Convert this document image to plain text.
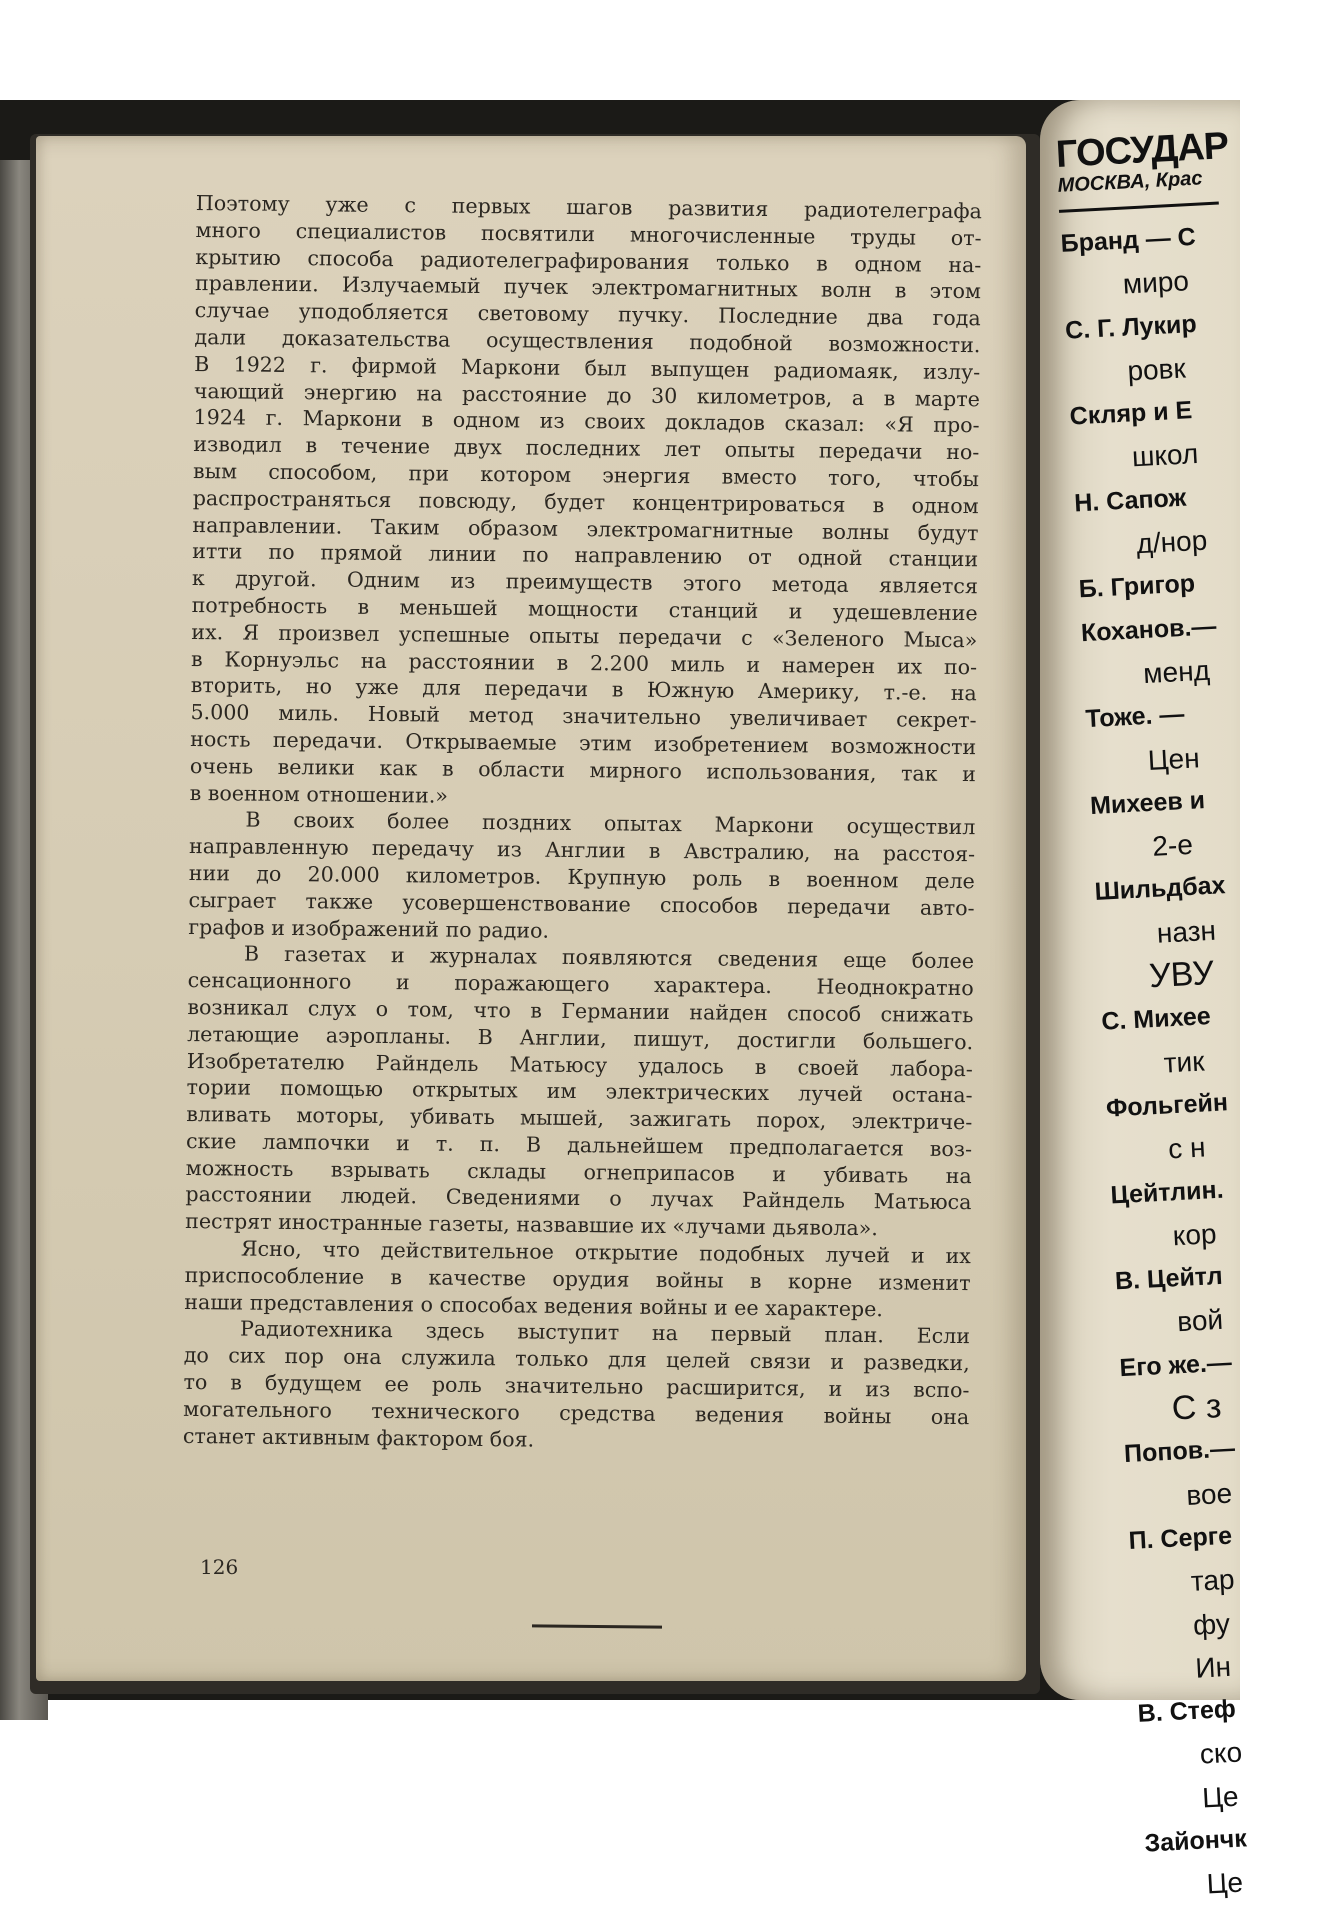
Поэтому уже с первых шагов развития радиотелеграфа
много специалистов посвятили многочисленные труды от-
крытию способа радиотелеграфирования только в одном на-
правлении. Излучаемый пучек электромагнитных волн в этом
случае уподобляется световому пучку. Последние два года
дали доказательства осуществления подобной возможности.
В 1922 г. фирмой Маркони был выпущен радиомаяк, излу-
чающий энергию на расстояние до 30 километров, а в марте
1924 г. Маркони в одном из своих докладов сказал: «Я про-
изводил в течение двух последних лет опыты передачи но-
вым способом, при котором энергия вместо того, чтобы
распространяться повсюду, будет концентрироваться в одном
направлении. Таким образом электромагнитные волны будут
итти по прямой линии по направлению от одной станции
к другой. Одним из преимуществ этого метода является
потребность в меньшей мощности станций и удешевление
их. Я произвел успешные опыты передачи с «Зеленого Мыса»
в Корнуэльс на расстоянии в 2.200 миль и намерен их по-
вторить, но уже для передачи в Южную Америку, т.-е. на
5.000 миль. Новый метод значительно увеличивает секрет-
ность передачи. Открываемые этим изобретением возможности
очень велики как в области мирного использования, так и
в военном отношении.»
В своих более поздних опытах Маркони осуществил
направленную передачу из Англии в Австралию, на расстоя-
нии до 20.000 километров. Крупную роль в военном деле
сыграет также усовершенствование способов передачи авто-
графов и изображений по радио.
В газетах и журналах появляются сведения еще более
сенсационного и поражающего характера. Неоднократно
возникал слух о том, что в Германии найден способ снижать
летающие аэропланы. В Англии, пишут, достигли большего.
Изобретателю Райндель Матьюсу удалось в своей лабора-
тории помощью открытых им электрических лучей остана-
вливать моторы, убивать мышей, зажигать порох, электриче-
ские лампочки и т. п. В дальнейшем предполагается воз-
можность взрывать склады огнеприпасов и убивать на
расстоянии людей. Сведениями о лучах Райндель Матьюса
пестрят иностранные газеты, назвавшие их «лучами дьявола».
Ясно, что действительное открытие подобных лучей и их
приспособление в качестве орудия войны в корне изменит
наши представления о способах ведения войны и ее характере.
Радиотехника здесь выступит на первый план. Если
до сих пор она служила только для целей связи и разведки,
то в будущем ее роль значительно расширится, и из вспо-
могательного технического средства ведения войны она
станет активным фактором боя.
126
ГОСУДАР
МОСКВА, Крас
Бранд — С
миро
С. Г. Лукир
ровк
Скляр и Е
школ
Н. Сапож
д/нор
Б. Григор
Коханов.—
менд
Тоже. —
Цен
Михеев и
2-е
Шильдбах
назн
УВУ
С. Михее
тик
Фольгейн
с н
Цейтлин.
кор
В. Цейтл
вой
Его же.—
С з
Попов.—
вое
П. Серге
тар
фу
Ин
В. Стеф
ско
Це
Зайончк
Це
